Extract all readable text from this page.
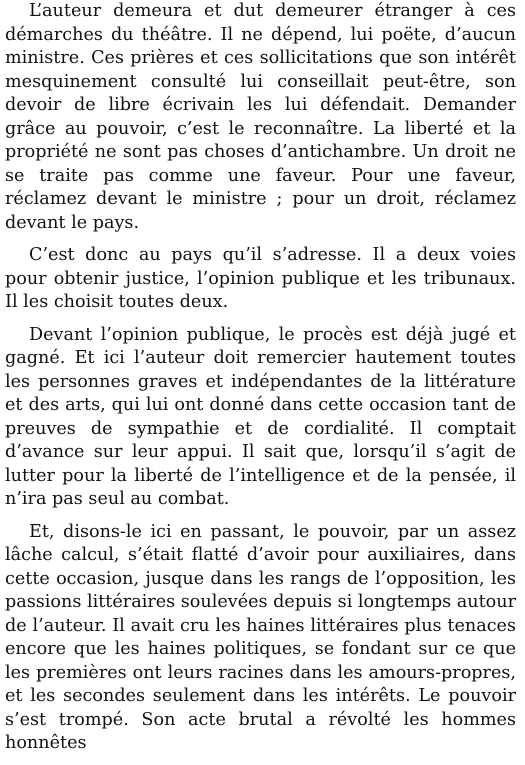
L’auteur demeura et dut demeurer étranger à ces démarches du théâtre. Il ne dépend, lui poëte, d’aucun ministre. Ces prières et ces sollicitations que son intérêt mesquinement consulté lui conseillait peut-être, son devoir de libre écrivain les lui défendait. Demander grâce au pouvoir, c’est le reconnaître. La liberté et la propriété ne sont pas choses d’antichambre. Un droit ne se traite pas comme une faveur. Pour une faveur, réclamez devant le ministre ; pour un droit, réclamez devant le pays.

C’est donc au pays qu’il s’adresse. Il a deux voies pour obtenir justice, l’opinion publique et les tribunaux. Il les choisit toutes deux.

Devant l’opinion publique, le procès est déjà jugé et gagné. Et ici l’auteur doit remercier hautement toutes les personnes graves et indépendantes de la littérature et des arts, qui lui ont donné dans cette occasion tant de preuves de sympathie et de cordialité. Il comptait d’avance sur leur appui. Il sait que, lorsqu’il s’agit de lutter pour la liberté de l’intelligence et de la pensée, il n’ira pas seul au combat.

Et, disons-le ici en passant, le pouvoir, par un assez lâche calcul, s’était flatté d’avoir pour auxiliaires, dans cette occasion, jusque dans les rangs de l’opposition, les passions littéraires soulevées depuis si longtemps autour de l’auteur. Il avait cru les haines littéraires plus tenaces encore que les haines politiques, se fondant sur ce que les premières ont leurs racines dans les amours-propres, et les secondes seulement dans les intérêts. Le pouvoir s’est trompé. Son acte brutal a révolté les hommes honnêtes
